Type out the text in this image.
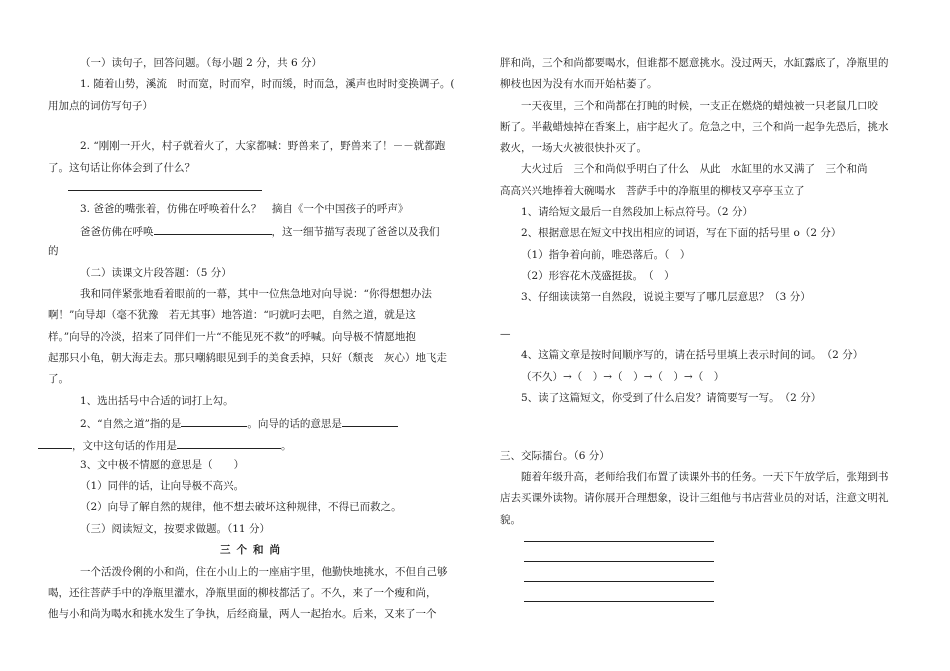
（一）读句子，回答问题。（每小题 2 分，共 6 分）
1. 随着山势，溪流　时而宽，时而窄，时而缓，时而急，溪声也时时变换调子。(
用加点的词仿写句子）
2. “刚刚一开火，村子就着火了，大家都喊：野兽来了，野兽来了！－－就都跑
了。这句话让你体会到了什么？
3. 爸爸的嘴张着，仿佛在呼唤着什么？　摘自《一个中国孩子的呼声》
爸爸仿佛在呼唤	，这一细节描写表现了爸爸以及我们
的
（二）读课文片段答题：（5 分）
我和同伴紧张地看着眼前的一幕，其中一位焦急地对向导说：“你得想想办法
啊！”向导却（毫不犹豫　若无其事）地答道：“叼就叼去吧，自然之道，就是这
样。”向导的冷淡，招来了同伴们一片“不能见死不救”的呼喊。向导极不情愿地抱
起那只小龟，朝大海走去。那只嘲鸫眼见到手的美食丢掉，只好（颓丧　灰心）地飞走
了。
1、选出括号中合适的词打上勾。
2、“自然之道”指的是	。向导的话的意思是
，文中这句话的作用是	。
3、文中极不情愿的意思是（　　）
（1）同伴的话，让向导极不高兴。
（2）向导了解自然的规律，他不想去破坏这种规律，不得已而救之。
（三）阅读短文，按要求做题。（11 分）
三个和尚
一个活泼伶俐的小和尚，住在小山上的一座庙宇里，他勤快地挑水，不但自己够
喝，还往菩萨手中的净瓶里灌水，净瓶里面的柳枝都活了。不久，来了一个瘦和尚，
他与小和尚为喝水和挑水发生了争执，后经商量，两人一起抬水。后来，又来了一个
胖和尚，三个和尚都要喝水，但谁都不愿意挑水。没过两天，水缸露底了，净瓶里的
柳枝也因为没有水而开始枯萎了。
一天夜里，三个和尚都在打盹的时候，一支正在燃烧的蜡烛被一只老鼠几口咬
断了。半截蜡烛掉在香案上，庙宇起火了。危急之中，三个和尚一起争先恐后，挑水
救火，一场大火被很快扑灭了。
大火过后　三个和尚似乎明白了什么　从此　水缸里的水又满了　三个和尚
高高兴兴地捧着大碗喝水　菩萨手中的净瓶里的柳枝又亭亭玉立了
1、请给短文最后一自然段加上标点符号。（2 分）
2、根据意思在短文中找出相应的词语，写在下面的括号里 o（2 分）
（1）指争着向前，唯恐落后。（　）
（2）形容花木茂盛挺拔。　（　）
3、仔细读读第一自然段，说说主要写了哪几层意思？（3 分）
—
4、这篇文章是按时间顺序写的，请在括号里填上表示时间的词。　（2 分）
（不久）→（　）→（　）→（　）→（　）
5、读了这篇短文，你受到了什么启发？请简要写一写。　（2 分）
三、交际擂台。（6 分）
随着年级升高，老师给我们布置了读课外书的任务。一天下午放学后，张翔到书
店去买课外读物。请你展开合理想象，设计三组他与书店营业员的对话，注意文明礼
貌。
